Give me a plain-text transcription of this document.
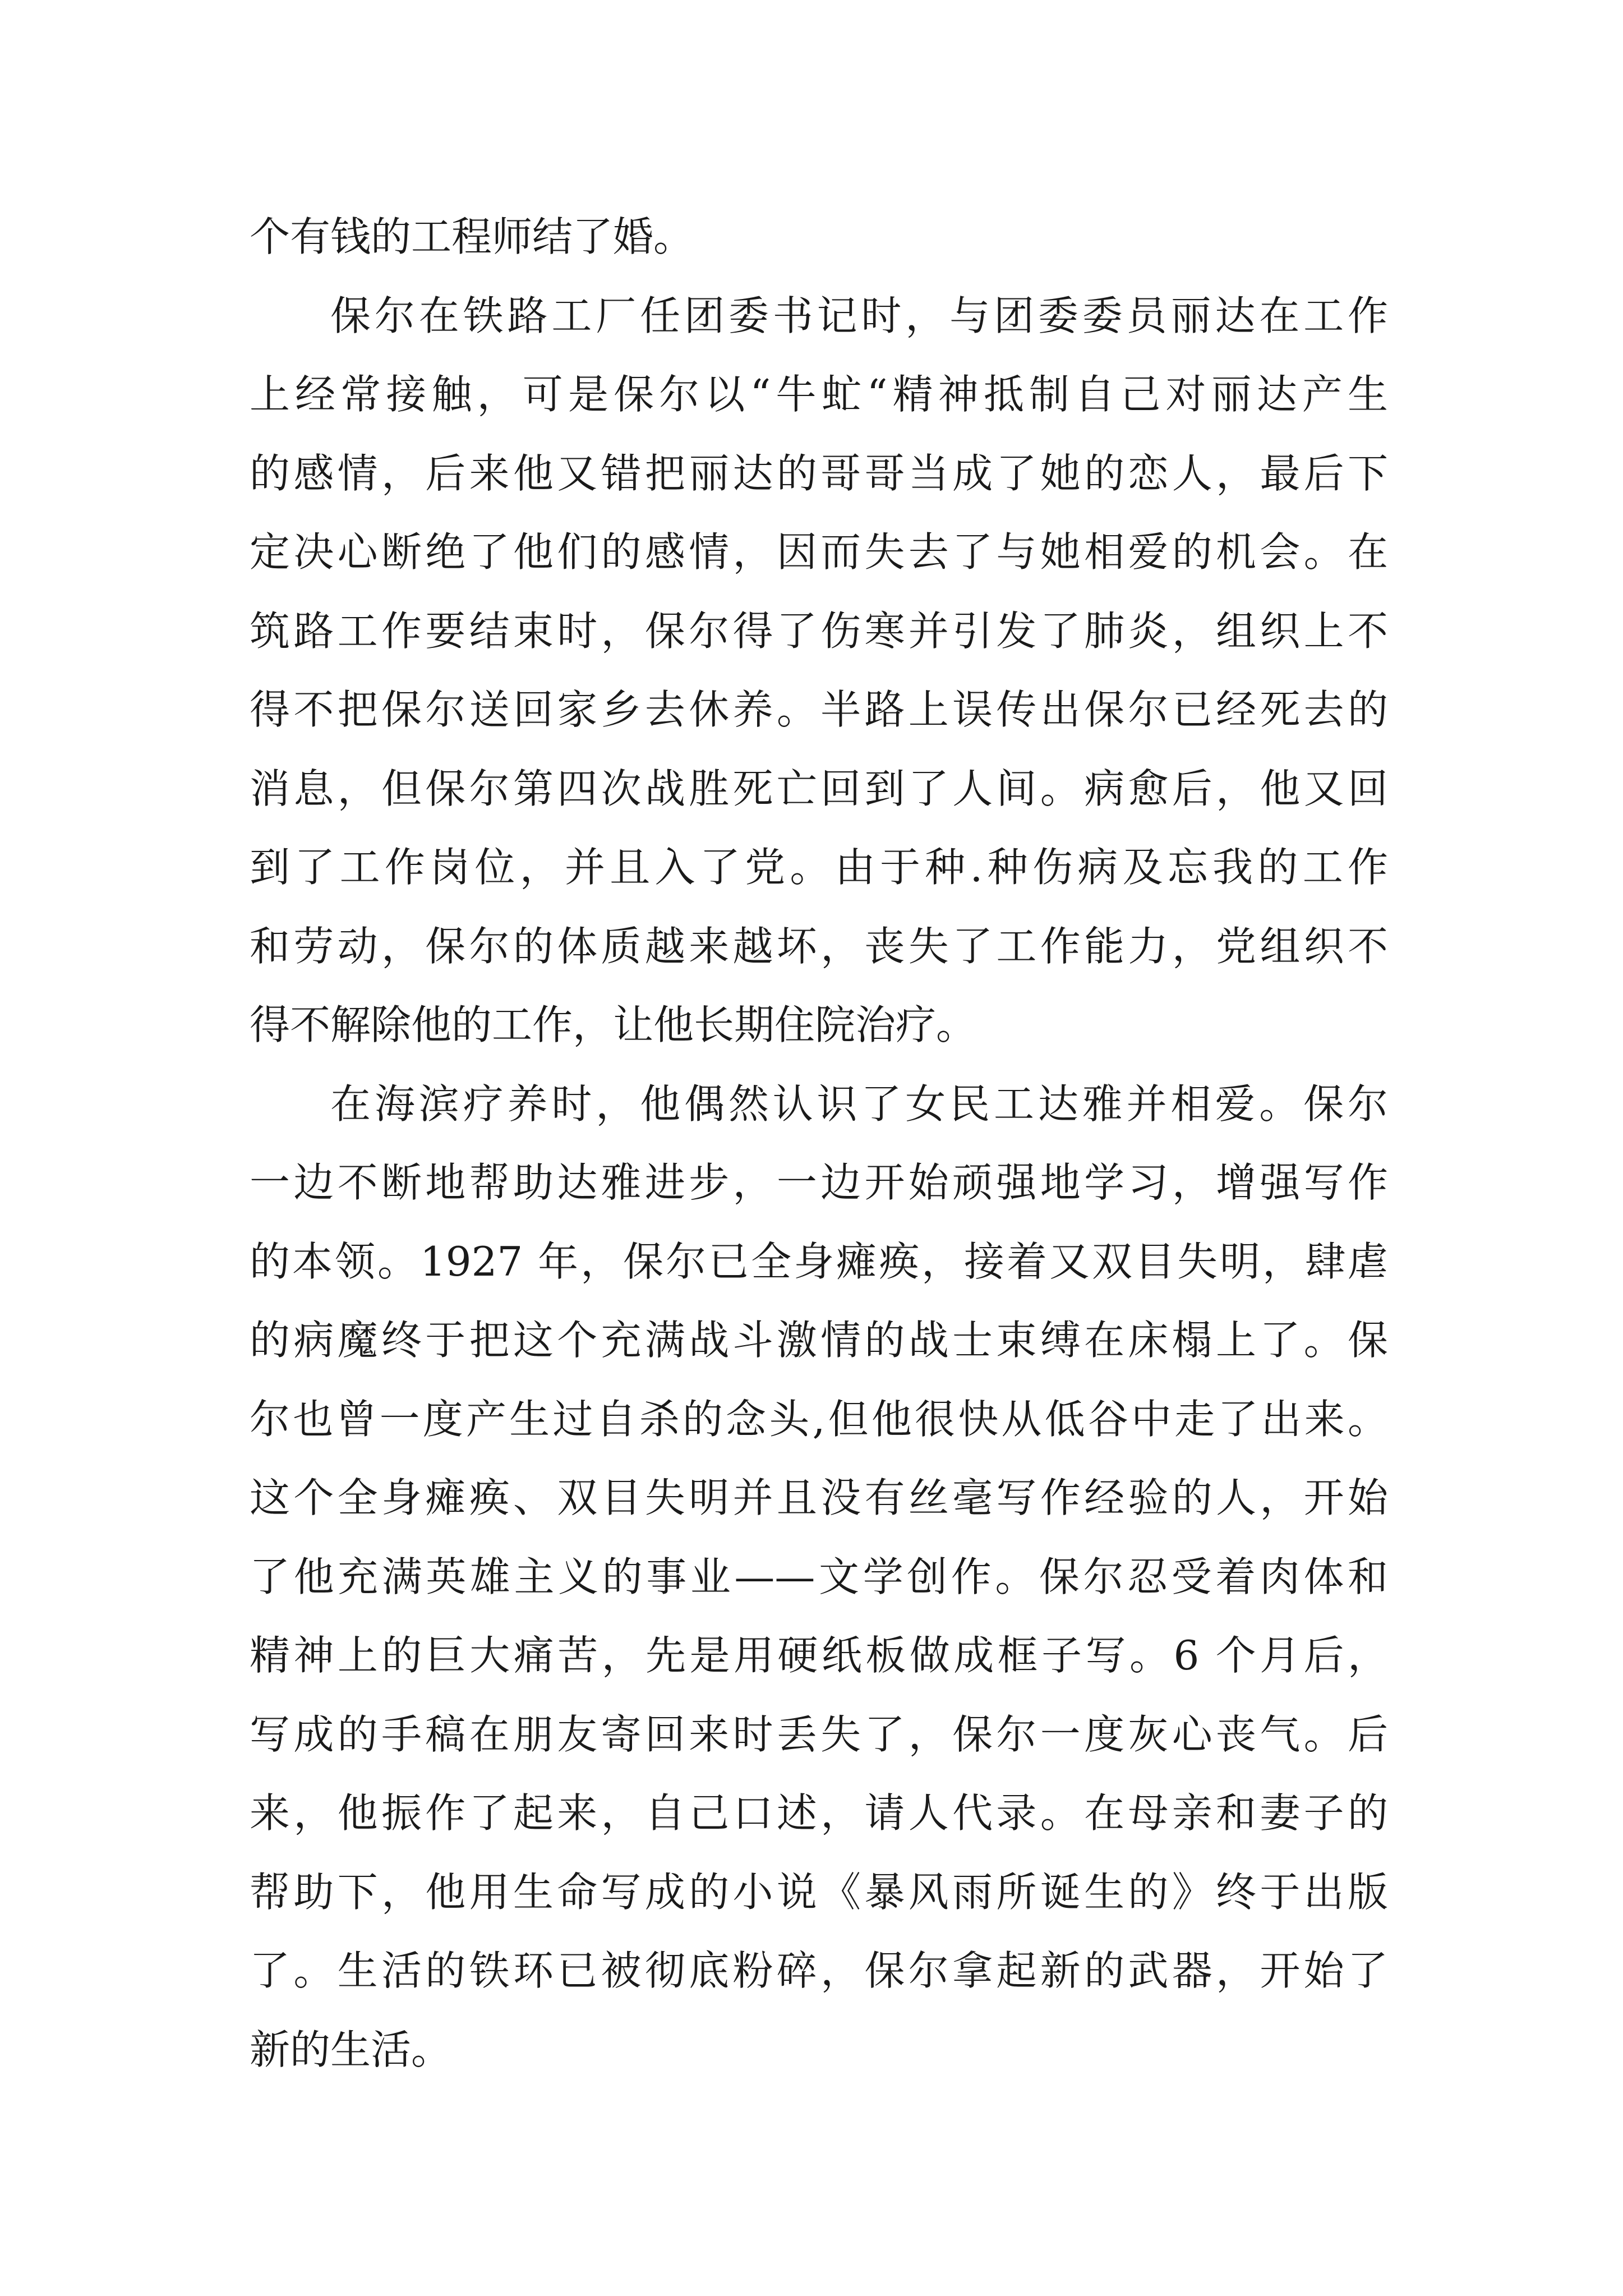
个有钱的工程师结了婚。
保尔在铁路工厂任团委书记时，与团委委员丽达在工作
上经常接触，可是保尔以“牛虻“精神抵制自己对丽达产生
的感情，后来他又错把丽达的哥哥当成了她的恋人，最后下
定决心断绝了他们的感情，因而失去了与她相爱的机会。在
筑路工作要结束时，保尔得了伤寒并引发了肺炎，组织上不
得不把保尔送回家乡去休养。半路上误传出保尔已经死去的
消息，但保尔第四次战胜死亡回到了人间。病愈后，他又回
到了工作岗位，并且入了党。由于种.种伤病及忘我的工作
和劳动，保尔的体质越来越坏，丧失了工作能力，党组织不
得不解除他的工作，让他长期住院治疗。
在海滨疗养时，他偶然认识了女民工达雅并相爱。保尔
一边不断地帮助达雅进步，一边开始顽强地学习，增强写作
的本领。1927 年，保尔已全身瘫痪，接着又双目失明，肆虐
的病魔终于把这个充满战斗激情的战士束缚在床榻上了。保
尔也曾一度产生过自杀的念头,但他很快从低谷中走了出来。
这个全身瘫痪、双目失明并且没有丝毫写作经验的人，开始
了他充满英雄主义的事业——文学创作。保尔忍受着肉体和
精神上的巨大痛苦，先是用硬纸板做成框子写。6 个月后，
写成的手稿在朋友寄回来时丢失了，保尔一度灰心丧气。后
来，他振作了起来，自己口述，请人代录。在母亲和妻子的
帮助下，他用生命写成的小说《暴风雨所诞生的》终于出版
了。生活的铁环已被彻底粉碎，保尔拿起新的武器，开始了
新的生活。
